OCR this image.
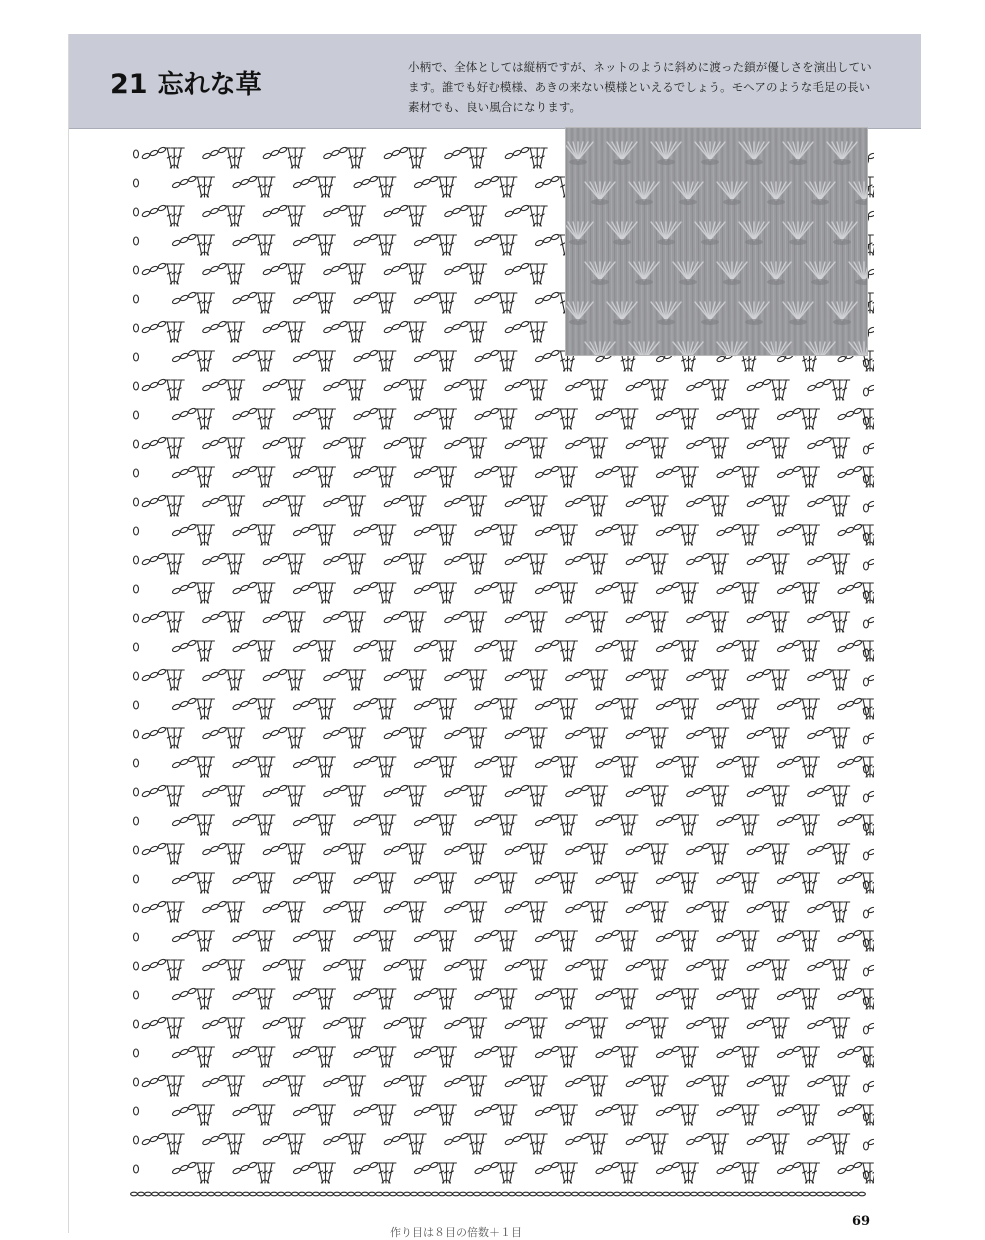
21 忘れな草
小柄で、全体としては縦柄ですが、ネットのように斜めに渡った鎖が優しさを演出しています。誰でも好む模様、あきの来ない模様といえるでしょう。モヘアのような毛足の長い素材でも、良い風合になります。
作り目は８目の倍数＋１目
69
